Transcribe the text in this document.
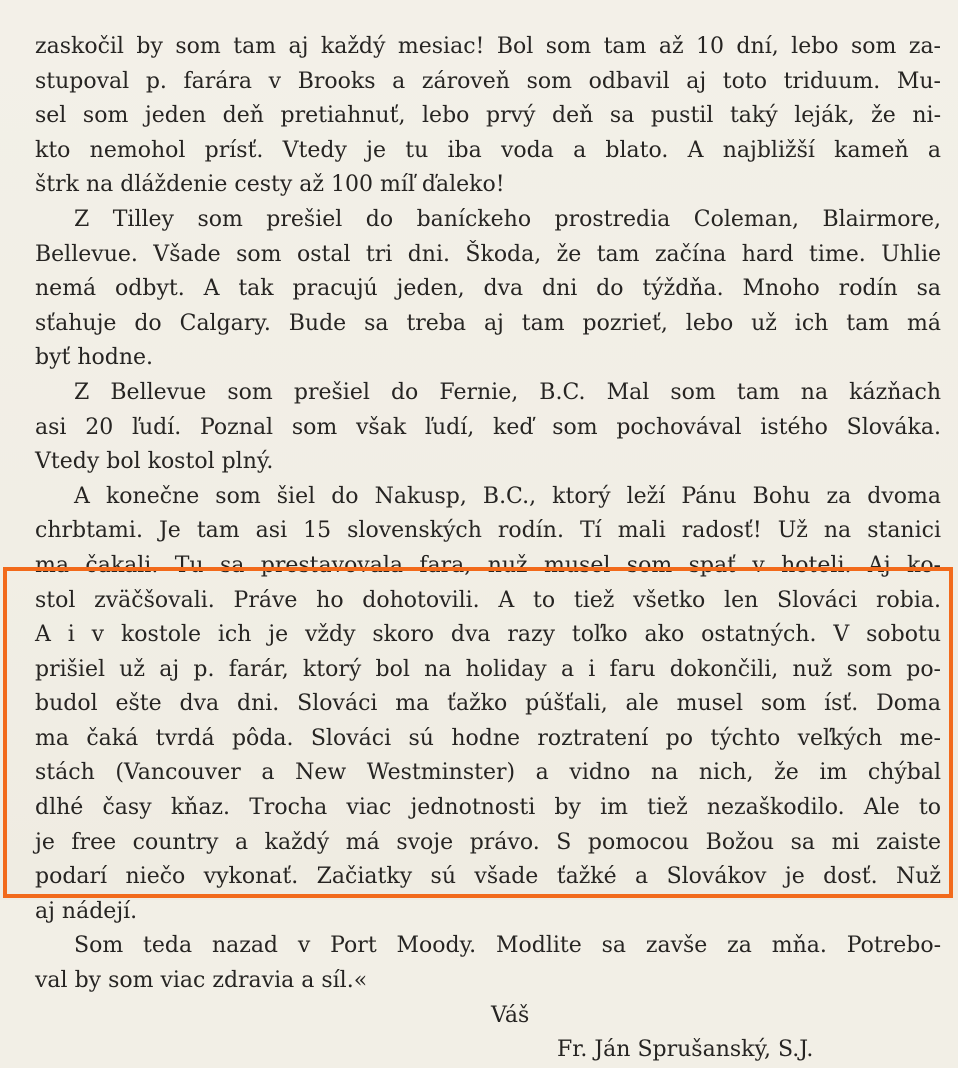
zaskočil by som tam aj každý mesiac! Bol som tam až 10 dní, lebo som za-
stupoval p. farára v Brooks a zároveň som odbavil aj toto triduum. Mu-
sel som jeden deň pretiahnuť, lebo prvý deň sa pustil taký leják, že ni-
kto nemohol prísť. Vtedy je tu iba voda a blato. A najbližší kameň a
štrk na dláždenie cesty až 100 míľ ďaleko!
Z Tilley som prešiel do baníckeho prostredia Coleman, Blairmore,
Bellevue. Všade som ostal tri dni. Škoda, že tam začína hard time. Uhlie
nemá odbyt. A tak pracujú jeden, dva dni do týždňa. Mnoho rodín sa
sťahuje do Calgary. Bude sa treba aj tam pozrieť, lebo už ich tam má
byť hodne.
Z Bellevue som prešiel do Fernie, B.C. Mal som tam na kázňach
asi 20 ľudí. Poznal som však ľudí, keď som pochovával istého Slováka.
Vtedy bol kostol plný.
A konečne som šiel do Nakusp, B.C., ktorý leží Pánu Bohu za dvoma
chrbtami. Je tam asi 15 slovenských rodín. Tí mali radosť! Už na stanici
ma čakali. Tu sa prestavovala fara, nuž musel som spať v hoteli. Aj ko-
stol zväčšovali. Práve ho dohotovili. A to tiež všetko len Slováci robia.
A i v kostole ich je vždy skoro dva razy toľko ako ostatných. V sobotu
prišiel už aj p. farár, ktorý bol na holiday a i faru dokončili, nuž som po-
budol ešte dva dni. Slováci ma ťažko púšťali, ale musel som ísť. Doma
ma čaká tvrdá pôda. Slováci sú hodne roztratení po týchto veľkých me-
stách (Vancouver a New Westminster) a vidno na nich, že im chýbal
dlhé časy kňaz. Trocha viac jednotnosti by im tiež nezaškodilo. Ale to
je free country a každý má svoje právo. S pomocou Božou sa mi zaiste
podarí niečo vykonať. Začiatky sú všade ťažké a Slovákov je dosť. Nuž
aj nádejí.
Som teda nazad v Port Moody. Modlite sa zavše za mňa. Potrebo-
val by som viac zdravia a síl.«
Váš
Fr. Ján Sprušanský, S.J.
